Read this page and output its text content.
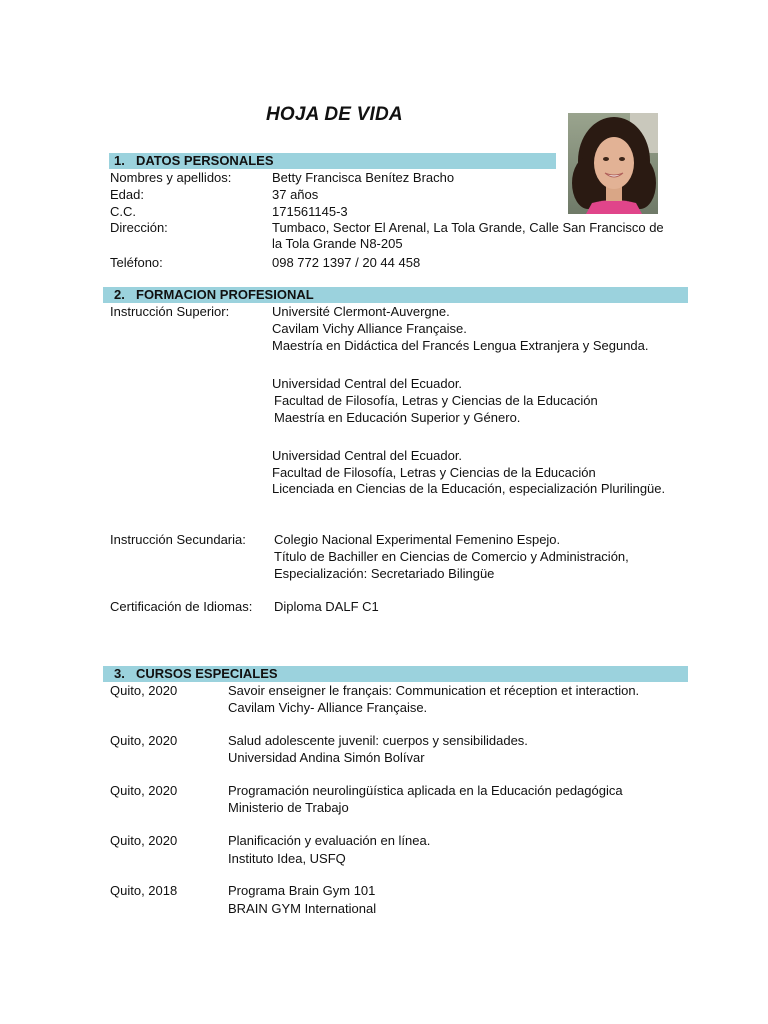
HOJA DE VIDA
1. DATOS PERSONALES
Nombres y apellidos:	Betty Francisca Benítez Bracho
Edad:	37 años
C.C.	171561145-3
Dirección:	Tumbaco, Sector El Arenal, La Tola Grande, Calle San Francisco de
la Tola Grande N8-205
Teléfono:	098 772 1397 / 20 44 458
2. FORMACION PROFESIONAL
Instrucción Superior:	Université Clermont-Auvergne.
Cavilam Vichy Alliance Française.
Maestría en Didáctica del Francés Lengua Extranjera y Segunda.
Universidad Central del Ecuador.
Facultad de Filosofía, Letras y Ciencias de la Educación
Maestría en Educación Superior y Género.
Universidad Central del Ecuador.
Facultad de Filosofía, Letras y Ciencias de la Educación
Licenciada en Ciencias de la Educación, especialización Plurilingüe.
Instrucción Secundaria: Colegio Nacional Experimental Femenino Espejo.
Título de Bachiller en Ciencias de Comercio y Administración,
Especialización: Secretariado Bilingüe
Certificación de Idiomas: Diploma DALF C1
3. CURSOS ESPECIALES
Quito, 2020	Savoir enseigner le français: Communication et réception et interaction.
Cavilam Vichy- Alliance Française.
Quito, 2020	Salud adolescente juvenil: cuerpos y sensibilidades.
Universidad Andina Simón Bolívar
Quito, 2020	Programación neurolingüística aplicada en la Educación pedagógica
Ministerio de Trabajo
Quito, 2020	Planificación y evaluación en línea.
Instituto Idea, USFQ
Quito, 2018	Programa Brain Gym 101
BRAIN GYM International
